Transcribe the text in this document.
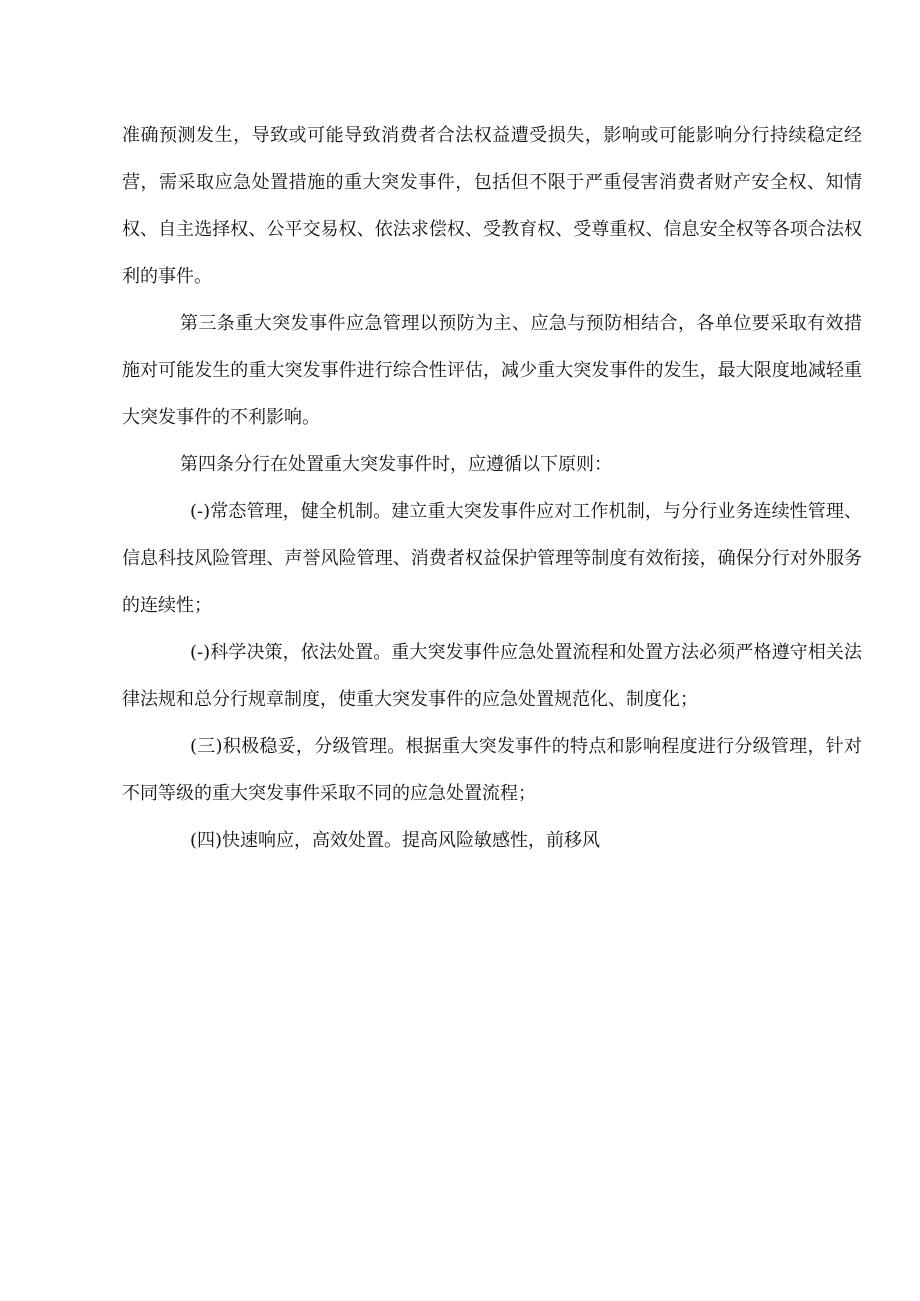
准确预测发生，导致或可能导致消费者合法权益遭受损失，影响或可能影响分行持续稳定经营，需采取应急处置措施的重大突发事件，包括但不限于严重侵害消费者财产安全权、知情权、自主选择权、公平交易权、依法求偿权、受教育权、受尊重权、信息安全权等各项合法权利的事件。

第三条重大突发事件应急管理以预防为主、应急与预防相结合，各单位要采取有效措施对可能发生的重大突发事件进行综合性评估，减少重大突发事件的发生，最大限度地减轻重大突发事件的不利影响。

第四条分行在处置重大突发事件时，应遵循以下原则：

(-)常态管理，健全机制。建立重大突发事件应对工作机制，与分行业务连续性管理、信息科技风险管理、声誉风险管理、消费者权益保护管理等制度有效衔接，确保分行对外服务的连续性；

(-)科学决策，依法处置。重大突发事件应急处置流程和处置方法必须严格遵守相关法律法规和总分行规章制度，使重大突发事件的应急处置规范化、制度化；

(三)积极稳妥，分级管理。根据重大突发事件的特点和影响程度进行分级管理，针对不同等级的重大突发事件采取不同的应急处置流程；

(四)快速响应，高效处置。提高风险敏感性，前移风
